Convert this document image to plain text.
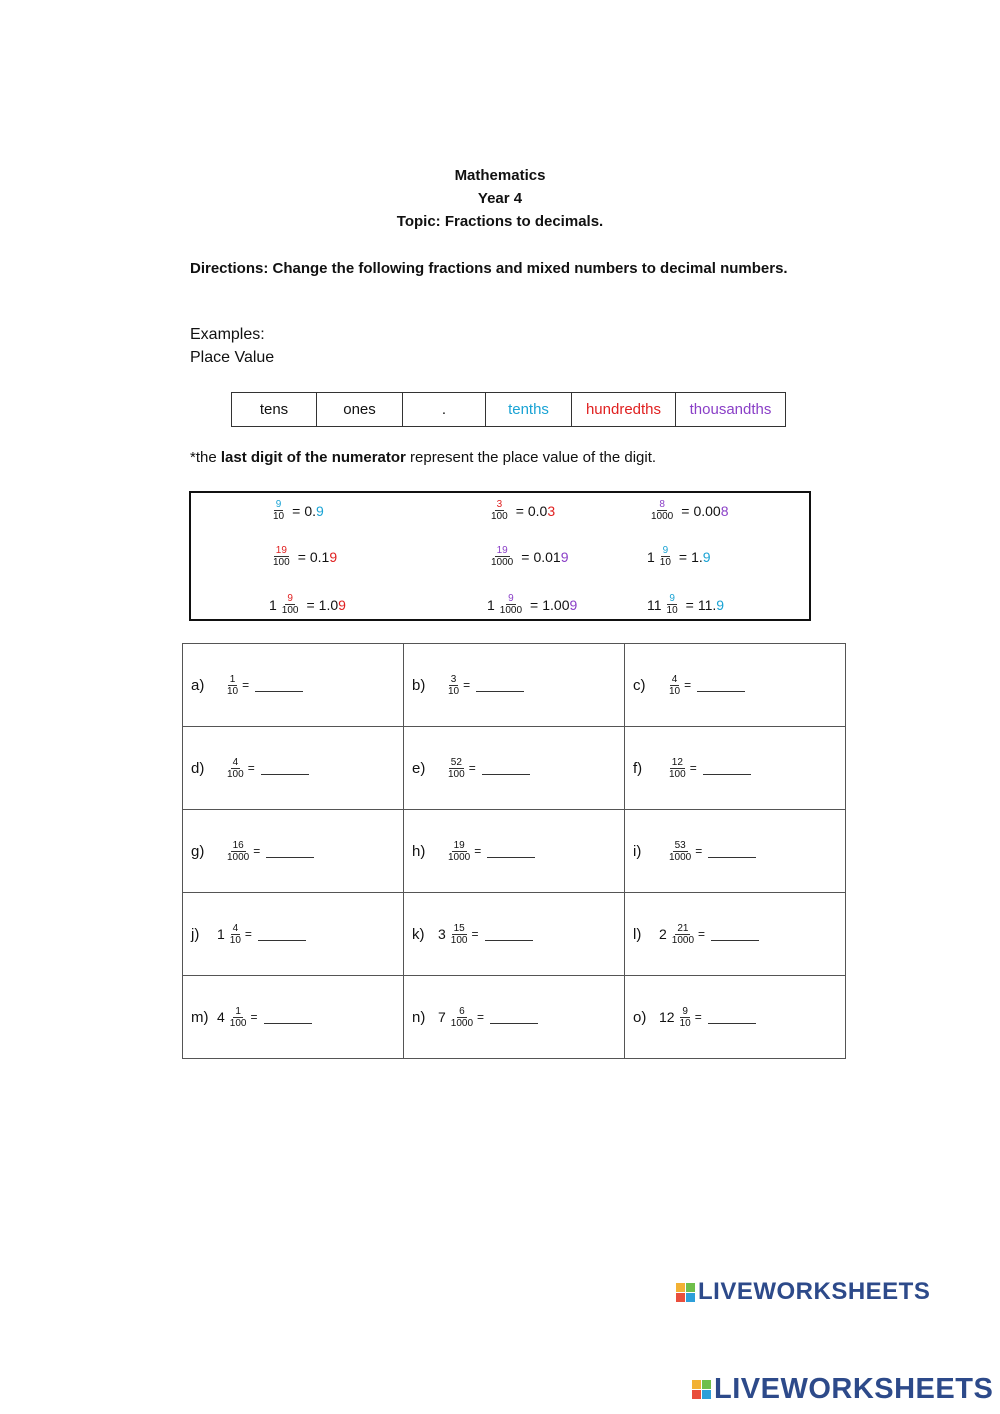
Mathematics
Year 4
Topic: Fractions to decimals.
Directions: Change the following fractions and mixed numbers to decimal numbers.
Examples:
Place Value
tens	ones	.	tenths	hundredths	thousandths
*the last digit of the numerator represent the place value of the digit.
$\frac{9}{10} = 0.9$	$\frac{3}{100} = 0.03$	$\frac{8}{1000} = 0.008$
$\frac{19}{100} = 0.19$	$\frac{19}{1000} = 0.019$	$1 \frac{9}{10} = 1.9$
$1 \frac{9}{100} = 1.09$	$1 \frac{9}{1000} = 1.009$	$11 \frac{9}{10} = 11.9$
$a) \frac{1}{10}$ =	$b) \frac{3}{10}$ =	$c) \frac{4}{10}$ =

$d) \frac{4}{100}$ =	$e) \frac{52}{100}$ =	$f) \frac{12}{100}$ =

$g) \frac{16}{1000}$ =	$h) \frac{19}{1000}$ =	$i) \frac{53}{1000}$ =

j) $1 \frac{4}{10}$ =	k) $3 \frac{15}{100}$ =	l) $2 \frac{21}{1000}$ =

m) $4 \frac{1}{100}$ =	n) $7 \frac{6}{1000}$ =	o) $12 \frac{9}{10}$ =
LIVEWORKSHEETS
LIVEWORKSHEETS
